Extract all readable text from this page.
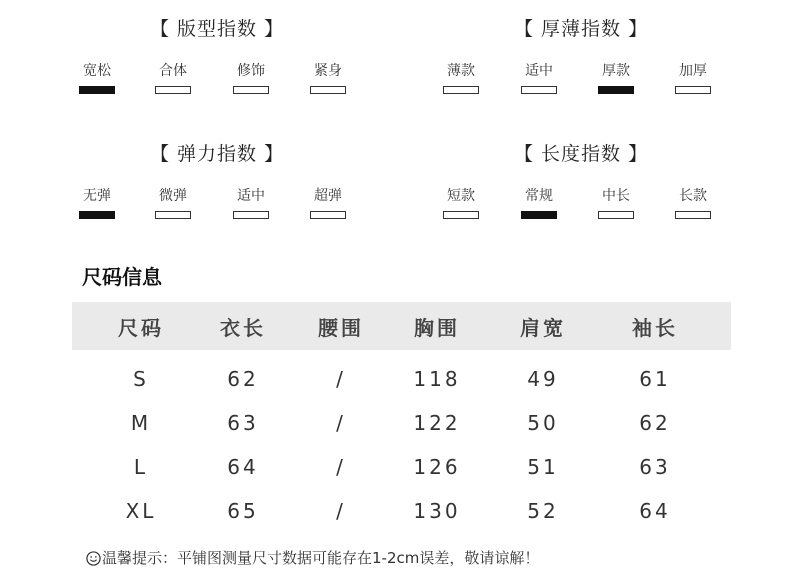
【 版型指数 】
宽松	合体	修饰	紧身
【 厚薄指数 】
薄款	适中	厚款	加厚
【 弹力指数 】
无弹	微弹	适中	超弹
【 长度指数 】
短款	常规	中长	长款
尺码信息
尺码	衣长	腰围	胸围	肩宽	袖长
S	62	/	118	49	61
M	63	/	122	50	62
L	64	/	126	51	63
XL	65	/	130	52	64
温馨提示：平铺图测量尺寸数据可能存在1-2cm误差，敬请谅解！
